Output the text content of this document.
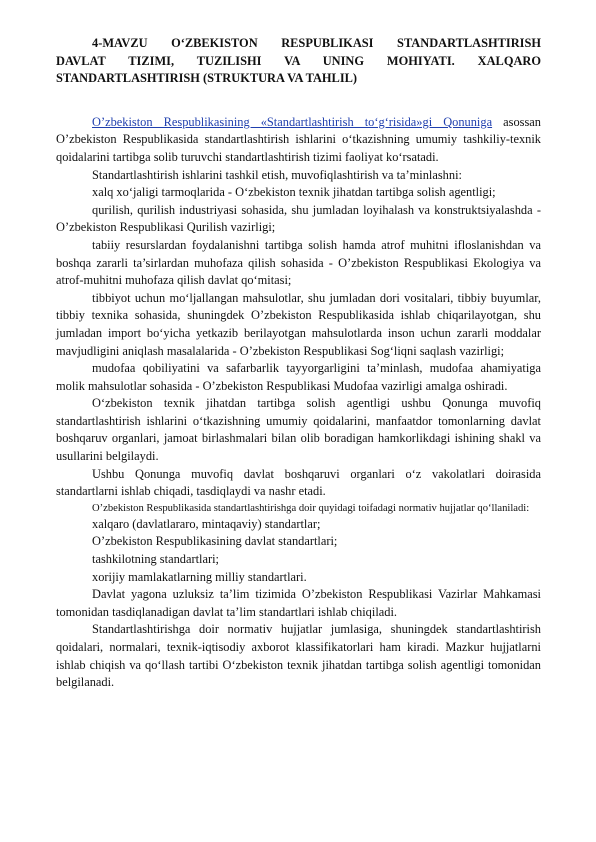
4-MAVZU O‘ZBEKISTON RESPUBLIKASI STANDARTLASHTIRISH
DAVLAT TIZIMI, TUZILISHI VA UNING MOHIYATI. XALQARO
STANDARTLASHTIRISH (STRUKTURA VA TAHLIL)

O’zbekiston Respublikasining «Standartlashtirish to‘g‘risida»gi Qonuniga asossan O’zbekiston Respublikasida standartlashtirish ishlarini o‘tkazishning umumiy tashkiliy-texnik qoidalarini tartibga solib turuvchi standartlashtirish tizimi faoliyat ko‘rsatadi.

Standartlashtirish ishlarini tashkil etish, muvofiqlashtirish va ta’minlashni:

xalq xo‘jaligi tarmoqlarida - O‘zbekiston texnik jihatdan tartibga solish agentligi;

qurilish, qurilish industriyasi sohasida, shu jumladan loyihalash va konstruktsiyalashda - O’zbekiston Respublikasi Qurilish vazirligi;

tabiiy resurslardan foydalanishni tartibga solish hamda atrof muhitni ifloslanishdan va boshqa zararli ta’sirlardan muhofaza qilish sohasida - O’zbekiston Respublikasi Ekologiya va atrof-muhitni muhofaza qilish davlat qo‘mitasi;

tibbiyot uchun mo‘ljallangan mahsulotlar, shu jumladan dori vositalari, tibbiy buyumlar, tibbiy texnika sohasida, shuningdek O’zbekiston Respublikasida ishlab chiqarilayotgan, shu jumladan import bo‘yicha yetkazib berilayotgan mahsulotlarda inson uchun zararli moddalar mavjudligini aniqlash masalalarida - O’zbekiston Respublikasi Sog‘liqni saqlash vazirligi;

mudofaa qobiliyatini va safarbarlik tayyorgarligini ta’minlash, mudofaa ahamiyatiga molik mahsulotlar sohasida - O’zbekiston Respublikasi Mudofaa vazirligi amalga oshiradi.

O‘zbekiston texnik jihatdan tartibga solish agentligi ushbu Qonunga muvofiq standartlashtirish ishlarini o‘tkazishning umumiy qoidalarini, manfaatdor tomonlarning davlat boshqaruv organlari, jamoat birlashmalari bilan olib boradigan hamkorlikdagi ishining shakl va usullarini belgilaydi.

Ushbu Qonunga muvofiq davlat boshqaruvi organlari o‘z vakolatlari doirasida standartlarni ishlab chiqadi, tasdiqlaydi va nashr etadi.

O’zbekiston Respublikasida standartlashtirishga doir quyidagi toifadagi normativ hujjatlar qo‘llaniladi:

xalqaro (davlatlararo, mintaqaviy) standartlar;

O’zbekiston Respublikasining davlat standartlari;

tashkilotning standartlari;

xorijiy mamlakatlarning milliy standartlari.

Davlat yagona uzluksiz ta’lim tizimida O’zbekiston Respublikasi Vazirlar Mahkamasi tomonidan tasdiqlanadigan davlat ta’lim standartlari ishlab chiqiladi.

Standartlashtirishga doir normativ hujjatlar jumlasiga, shuningdek standartlashtirish qoidalari, normalari, texnik-iqtisodiy axborot klassifikatorlari ham kiradi. Mazkur hujjatlarni ishlab chiqish va qo‘llash tartibi O‘zbekiston texnik jihatdan tartibga solish agentligi tomonidan belgilanadi.
